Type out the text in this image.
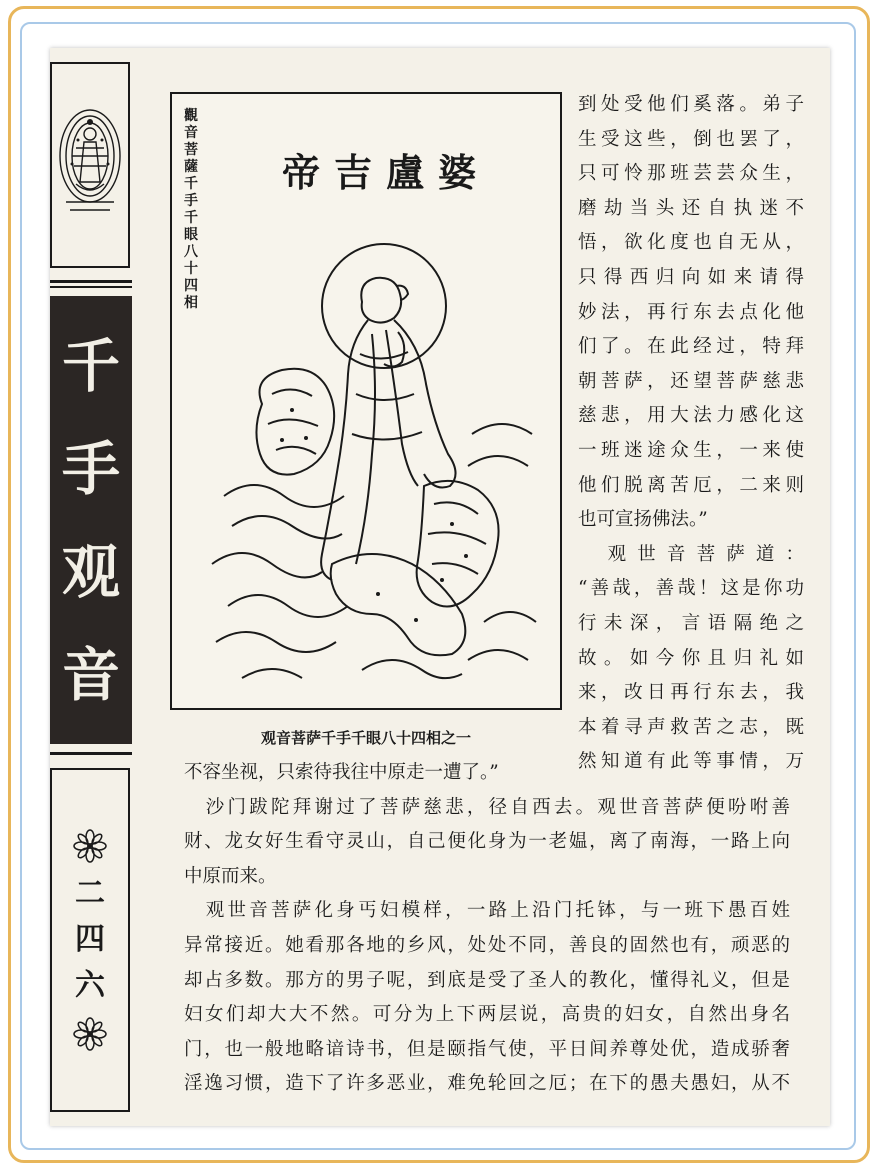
千
手
观
音
二
四
六
觀音菩薩千手千眼八十四相
帝吉盧婆
观音菩萨千手千眼八十四相之一
到处受他们奚落。弟子
生受这些，倒也罢了，
只可怜那班芸芸众生，
磨劫当头还自执迷不
悟，欲化度也自无从，
只得西归向如来请得
妙法，再行东去点化他
们了。在此经过，特拜
朝菩萨，还望菩萨慈悲
慈悲，用大法力感化这
一班迷途众生，一来使
他们脱离苦厄，二来则
也可宣扬佛法。”
　观世音菩萨道：
“善哉，善哉！这是你功
行未深，言语隔绝之
故。如今你且归礼如
来，改日再行东去，我
本着寻声救苦之志，既
然知道有此等事情，万
不容坐视，只索待我往中原走一遭了。”
　沙门跋陀拜谢过了菩萨慈悲，径自西去。观世音菩萨便吩咐善
财、龙女好生看守灵山，自己便化身为一老媪，离了南海，一路上向
中原而来。
　观世音菩萨化身丐妇模样，一路上沿门托钵，与一班下愚百姓
异常接近。她看那各地的乡风，处处不同，善良的固然也有，顽恶的
却占多数。那方的男子呢，到底是受了圣人的教化，懂得礼义，但是
妇女们却大大不然。可分为上下两层说，高贵的妇女，自然出身名
门，也一般地略谙诗书，但是颐指气使，平日间养尊处优，造成骄奢
淫逸习惯，造下了许多恶业，难免轮回之厄；在下的愚夫愚妇，从不
